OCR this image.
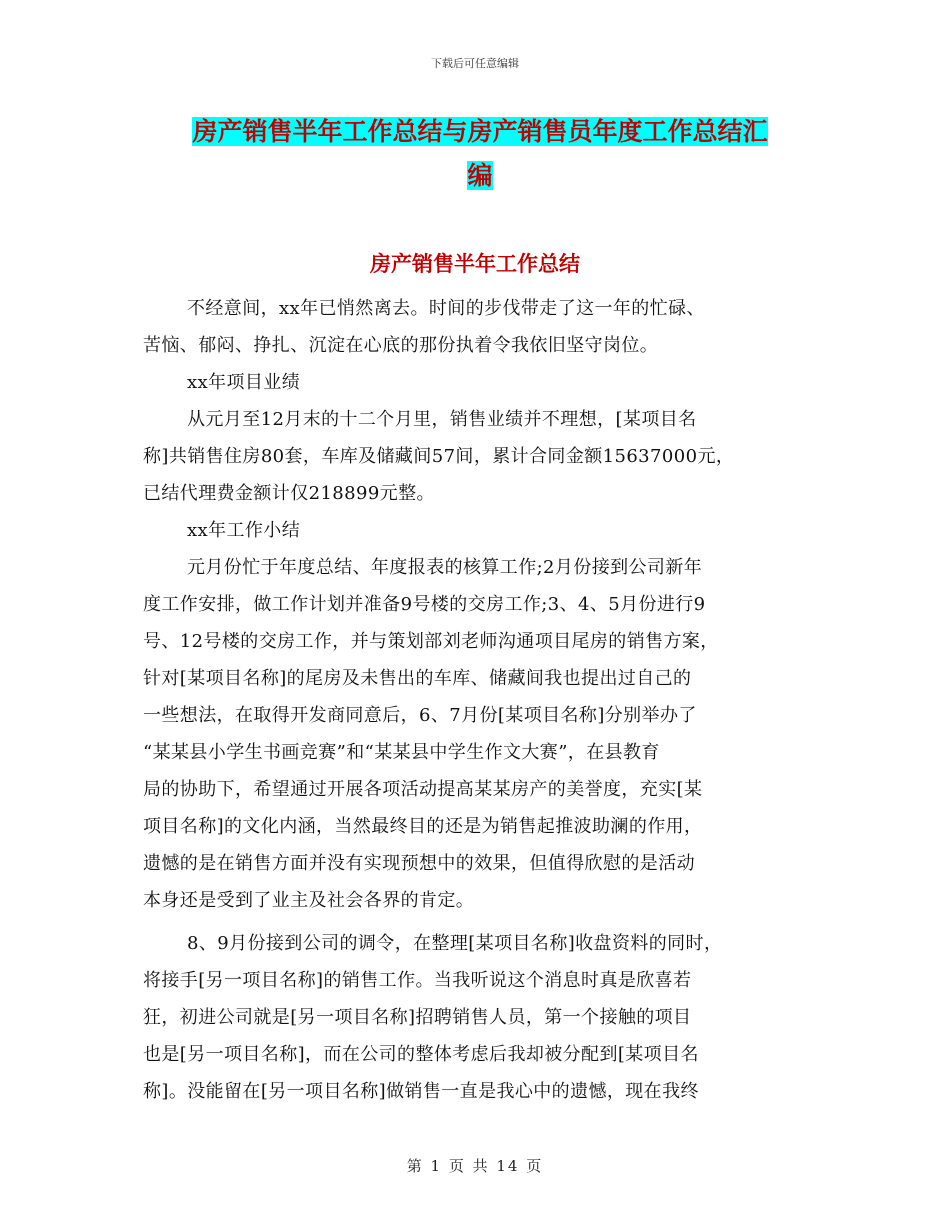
下载后可任意编辑
房产销售半年工作总结与房产销售员年度工作总结汇
编
房产销售半年工作总结
不经意间，xx年已悄然离去。时间的步伐带走了这一年的忙碌、
苦恼、郁闷、挣扎、沉淀在心底的那份执着令我依旧坚守岗位。
xx年项目业绩
从元月至12月末的十二个月里，销售业绩并不理想，[某项目名
称]共销售住房80套，车库及储藏间57间，累计合同金额15637000元，
已结代理费金额计仅218899元整。
xx年工作小结
元月份忙于年度总结、年度报表的核算工作;2月份接到公司新年
度工作安排，做工作计划并准备9号楼的交房工作;3、4、5月份进行9
号、12号楼的交房工作，并与策划部刘老师沟通项目尾房的销售方案，
针对[某项目名称]的尾房及未售出的车库、储藏间我也提出过自己的
一些想法，在取得开发商同意后，6、7月份[某项目名称]分别举办了
“某某县小学生书画竞赛”和“某某县中学生作文大赛”，在县教育
局的协助下，希望通过开展各项活动提高某某房产的美誉度，充实[某
项目名称]的文化内涵，当然最终目的还是为销售起推波助澜的作用，
遗憾的是在销售方面并没有实现预想中的效果，但值得欣慰的是活动
本身还是受到了业主及社会各界的肯定。
8、9月份接到公司的调令，在整理[某项目名称]收盘资料的同时，
将接手[另一项目名称]的销售工作。当我听说这个消息时真是欣喜若
狂，初进公司就是[另一项目名称]招聘销售人员，第一个接触的项目
也是[另一项目名称]，而在公司的整体考虑后我却被分配到[某项目名
称]。没能留在[另一项目名称]做销售一直是我心中的遗憾，现在我终
第 1 页 共 14 页
